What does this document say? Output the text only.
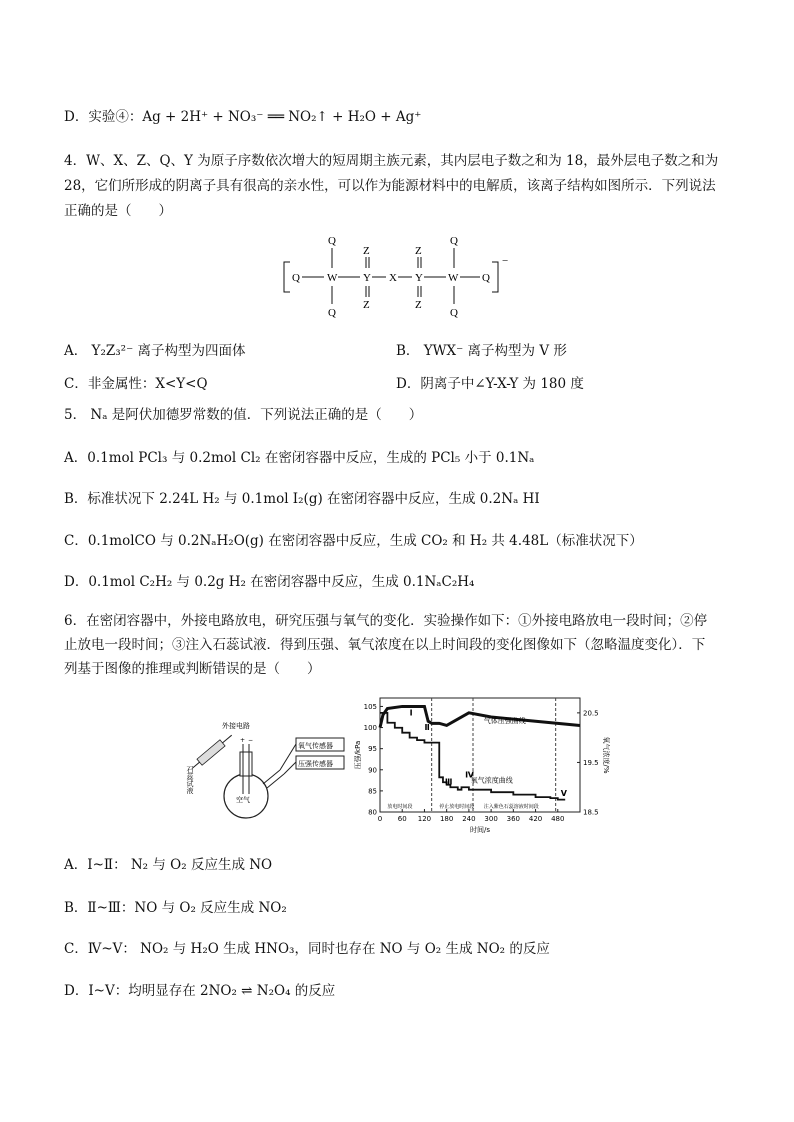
D．实验④：Ag + 2H⁺ + NO₃⁻ ══ NO₂↑ + H₂O + Ag⁺
4．W、X、Z、Q、Y 为原子序数依次增大的短周期主族元素，其内层电子数之和为 18，最外层电子数之和为
28，它们所形成的阴离子具有很高的亲水性，可以作为能源材料中的电解质，该离子结构如图所示．下列说法
正确的是（　　）
−
Q W Y X Y W Q
Q
Q
Q
Q
Z
Z
Z
Z
A． Y₂Z₃²⁻ 离子构型为四面体	B． YWX⁻ 离子构型为 V 形
C．非金属性：X<Y<Q	D．阴离子中∠Y-X-Y 为 180 度
5． Nₐ 是阿伏加德罗常数的值．下列说法正确的是（　　）
A．0.1mol PCl₃ 与 0.2mol Cl₂ 在密闭容器中反应，生成的 PCl₅ 小于 0.1Nₐ
B．标准状况下 2.24L H₂ 与 0.1mol I₂(g) 在密闭容器中反应，生成 0.2Nₐ HI
C．0.1molCO 与 0.2NₐH₂O(g) 在密闭容器中反应，生成 CO₂ 和 H₂ 共 4.48L（标准状况下）
D．0.1mol C₂H₂ 与 0.2g H₂ 在密闭容器中反应，生成 0.1NₐC₂H₄
6．在密闭容器中，外接电路放电，研究压强与氧气的变化．实验操作如下：①外接电路放电一段时间；②停
止放电一段时间；③注入石蕊试液．得到压强、氧气浓度在以上时间段的变化图像如下（忽略温度变化）．下
列基于图像的推理或判断错误的是（　　）
+ −
外接电路
石蕊试液
空气
氧气传感器
压强传感器
0 60 120 180 240 300 360 420 480
80
85
90
95
100
105
18.5
19.5
20.5
时间/s
压强/kPa	氧气浓度/%
气体压强曲线
氧气浓度曲线
Ⅰ
Ⅱ
Ⅲ
Ⅳ
Ⅴ
放电时间段	停止放电时间段 注入紫色石蕊溶液时间段
A．Ⅰ~Ⅱ： N₂ 与 O₂ 反应生成 NO
B．Ⅱ~Ⅲ：NO 与 O₂ 反应生成 NO₂
C．Ⅳ~Ⅴ： NO₂ 与 H₂O 生成 HNO₃，同时也存在 NO 与 O₂ 生成 NO₂ 的反应
D．Ⅰ~Ⅴ：均明显存在 2NO₂ ⇌ N₂O₄ 的反应
